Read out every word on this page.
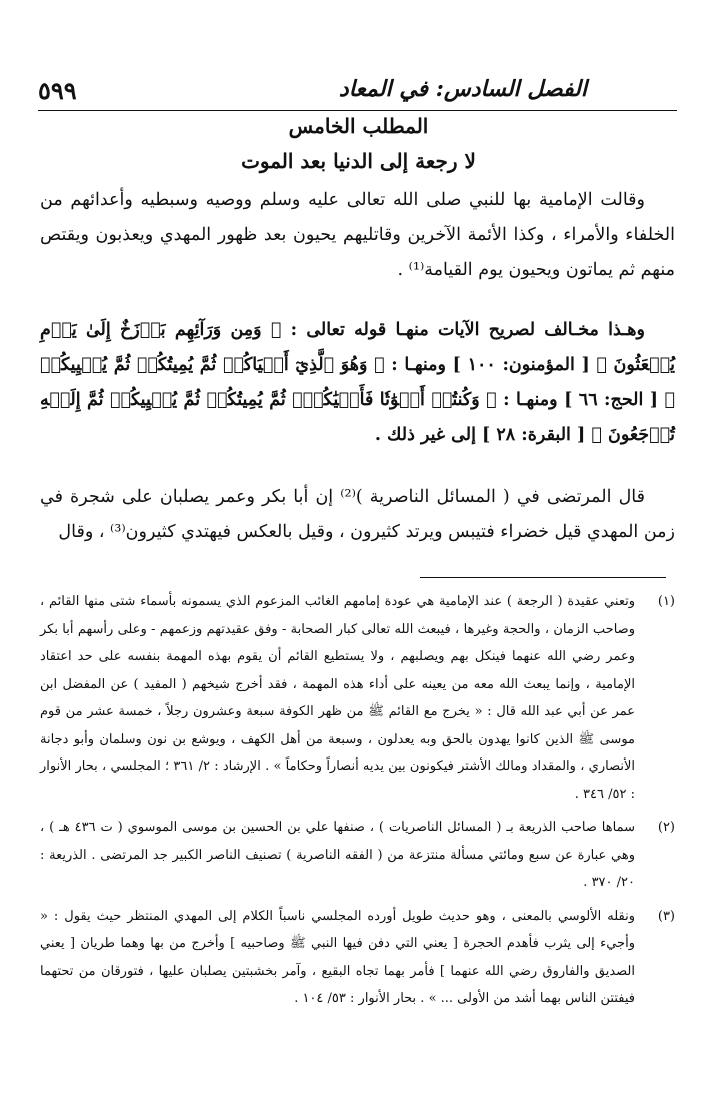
٥٩٩	الفصل السادس: في المعاد
المطلب الخامس
لا رجعة إلى الدنيا بعد الموت

وقالت الإمامية بها للنبي صلى الله تعالى عليه وسلم ووصيه وسبطيه وأعدائهم من الخلفاء والأمراء ، وكذا الأئمة الآخرين وقاتليهم يحيون بعد ظهور المهدي ويعذبون ويقتص منهم ثم يماتون ويحيون يوم القيامة⁽¹⁾ .

وهـذا مخـالف لصريح الآيات منهـا قوله تعالى : ﴿ وَمِن وَرَآئِهِم بَرۡزَخٌ إِلَىٰ يَوۡمِ يُبۡعَثُونَ ﴾ [ المؤمنون: ١٠٠ ] ومنهـا : ﴿ وَهُوَ ٱلَّذِيٓ أَحۡيَاكُمۡ ثُمَّ يُمِيتُكُمۡ ثُمَّ يُحۡيِيكُمۡ ﴾ [ الحج: ٦٦ ] ومنهـا : ﴿ وَكُنتُمۡ أَمۡوَٰتٗا فَأَحۡيَٰكُمۡۖ ثُمَّ يُمِيتُكُمۡ ثُمَّ يُحۡيِيكُمۡ ثُمَّ إِلَيۡهِ تُرۡجَعُونَ ﴾ [ البقرة: ٢٨ ] إلى غير ذلك .

قال المرتضى في ( المسائل الناصرية )⁽²⁾ إن أبا بكر وعمر يصلبان على شجرة في زمن المهدي قيل خضراء فتيبس ويرتد كثيرون ، وقيل بالعكس فيهتدي كثيرون⁽³⁾ ، وقال

(١)
وتعني عقيدة ( الرجعة ) عند الإمامية هي عودة إمامهم الغائب المزعوم الذي يسمونه بأسماء شتى منها القائم ، وصاحب الزمان ، والحجة وغيرها ، فيبعث الله تعالى كبار الصحابة - وفق عقيدتهم وزعمهم - وعلى رأسهم أبا بكر وعمر رضي الله عنهما فينكل بهم ويصلبهم ، ولا يستطيع القائم أن يقوم بهذه المهمة بنفسه على حد اعتقاد الإمامية ، وإنما يبعث الله معه من يعينه على أداء هذه المهمة ، فقد أخرج شيخهم ( المفيد ) عن المفضل ابن عمر عن أبي عبد الله قال : « يخرج مع القائم ﷺ من ظهر الكوفة سبعة وعشرون رجلاً ، خمسة عشر من قوم موسى ﷺ الذين كانوا يهدون بالحق وبه يعدلون ، وسبعة من أهل الكهف ، ويوشع بن نون وسلمان وأبو دجانة الأنصاري ، والمقداد ومالك الأشتر فيكونون بين يديه أنصاراً وحكاماً » . الإرشاد : ٢/ ٣٦١ ؛ المجلسي ، بحار الأنوار : ٥٢/ ٣٤٦ .
(٢)
سماها صاحب الذريعة بـ ( المسائل الناصريات ) ، صنفها علي بن الحسين بن موسى الموسوي ( ت ٤٣٦ هـ ) ، وهي عبارة عن سبع ومائتي مسألة منتزعة من ( الفقه الناصرية ) تصنيف الناصر الكبير جد المرتضى . الذريعة : ٢٠/ ٣٧٠ .
(٣)
ونقله الألوسي بالمعنى ، وهو حديث طويل أورده المجلسي ناسباً الكلام إلى المهدي المنتظر حيث يقول : « وأجيء إلى يثرب فأهدم الحجرة [ يعني التي دفن فيها النبي ﷺ وصاحبيه ] وأخرج من بها وهما طريان [ يعني الصديق والفاروق رضي الله عنهما ] فأمر بهما تجاه البقيع ، وآمر بخشبتين يصلبان عليها ، فتورقان من تحتهما فيفتتن الناس بهما أشد من الأولى ... » . بحار الأنوار : ٥٣/ ١٠٤ .
